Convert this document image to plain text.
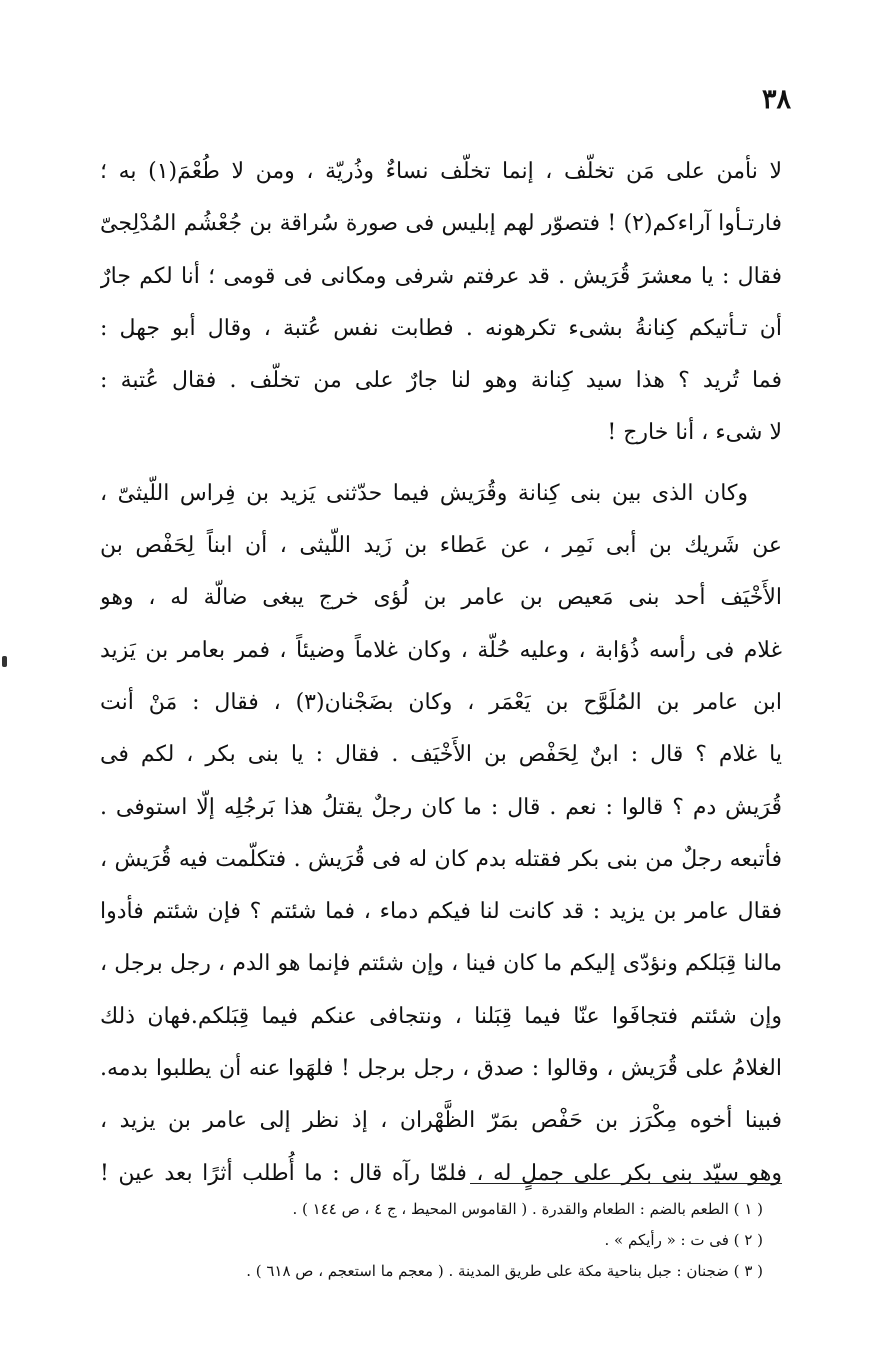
٣٨
لا نأمن على مَن تخلّف ، إنما تخلّف نساءٌ وذُريّة ، ومن لا طُعْمَ(١) به ؛
فارتـأوا آراءكم(٢) ! فتصوّر لهم إبليس فى صورة سُراقة بن جُعْشُم المُدْلِجىّ
فقال : يا معشرَ قُرَيش . قد عرفتم شرفى ومكانى فى قومى ؛ أنا لكم جارٌ
أن تـأتيكم كِنانةُ بشىء تكرهونه . فطابت نفس عُتبة ، وقال أبو جهل :
فما تُريد ؟ هذا سيد كِنانة وهو لنا جارٌ على من تخلّف . فقال عُتبة :
لا شىء ، أنا خارج !
وكان الذى بين بنى كِنانة وقُرَيش فيما حدّثنى يَزيد بن فِراس اللّيثىّ ،
عن شَريك بن أبى نَمِر ، عن عَطاء بن زَيد اللّيثى ، أن ابناً لِحَفْص بن
الأَخْيَف أحد بنى مَعيص بن عامر بن لُؤى خرج يبغى ضالّة له ، وهو
غلام فى رأسه ذُؤابة ، وعليه حُلّة ، وكان غلاماً وضيئاً ، فمر بعامر بن يَزيد
ابن عامر بن المُلَوَّح بن يَعْمَر ، وكان بضَجْنان(٣) ، فقال : مَنْ أنت
يا غلام ؟ قال : ابنٌ لِحَفْص بن الأَخْيَف . فقال : يا بنى بكر ، لكم فى
قُرَيش دم ؟ قالوا : نعم . قال : ما كان رجلٌ يقتلُ هذا بَرجُلِه إلّا استوفى .
فأتبعه رجلٌ من بنى بكر فقتله بدم كان له فى قُرَيش . فتكلّمت فيه قُرَيش ،
فقال عامر بن يزيد : قد كانت لنا فيكم دماء ، فما شئتم ؟ فإن شئتم فأدوا
مالنا قِبَلكم ونؤدّى إليكم ما كان فينا ، وإن شئتم فإنما هو الدم ، رجل برجل ،
وإن شئتم فتجافَوا عنّا فيما قِبَلنا ، ونتجافى عنكم فيما قِبَلكم.فهان ذلك
الغلامُ على قُرَيش ، وقالوا : صدق ، رجل برجل ! فلهَوا عنه أن يطلبوا بدمه.
فبينا أخوه مِكْرَز بن حَفْص بمَرّ الظَّهْران ، إذ نظر إلى عامر بن يزيد ،
وهو سيّد بنى بكر على جملٍ له ، فلمّا رآه قال : ما أُطلب أثرًا بعد عين !
( ١ ) الطعم بالضم : الطعام والقدرة . ( القاموس المحيط ، ج ٤ ، ص ١٤٤ ) .
( ٢ ) فى ت : « رأيكم » .
( ٣ ) ضجنان : جبل بناحية مكة على طريق المدينة . ( معجم ما استعجم ، ص ٦١٨ ) .
